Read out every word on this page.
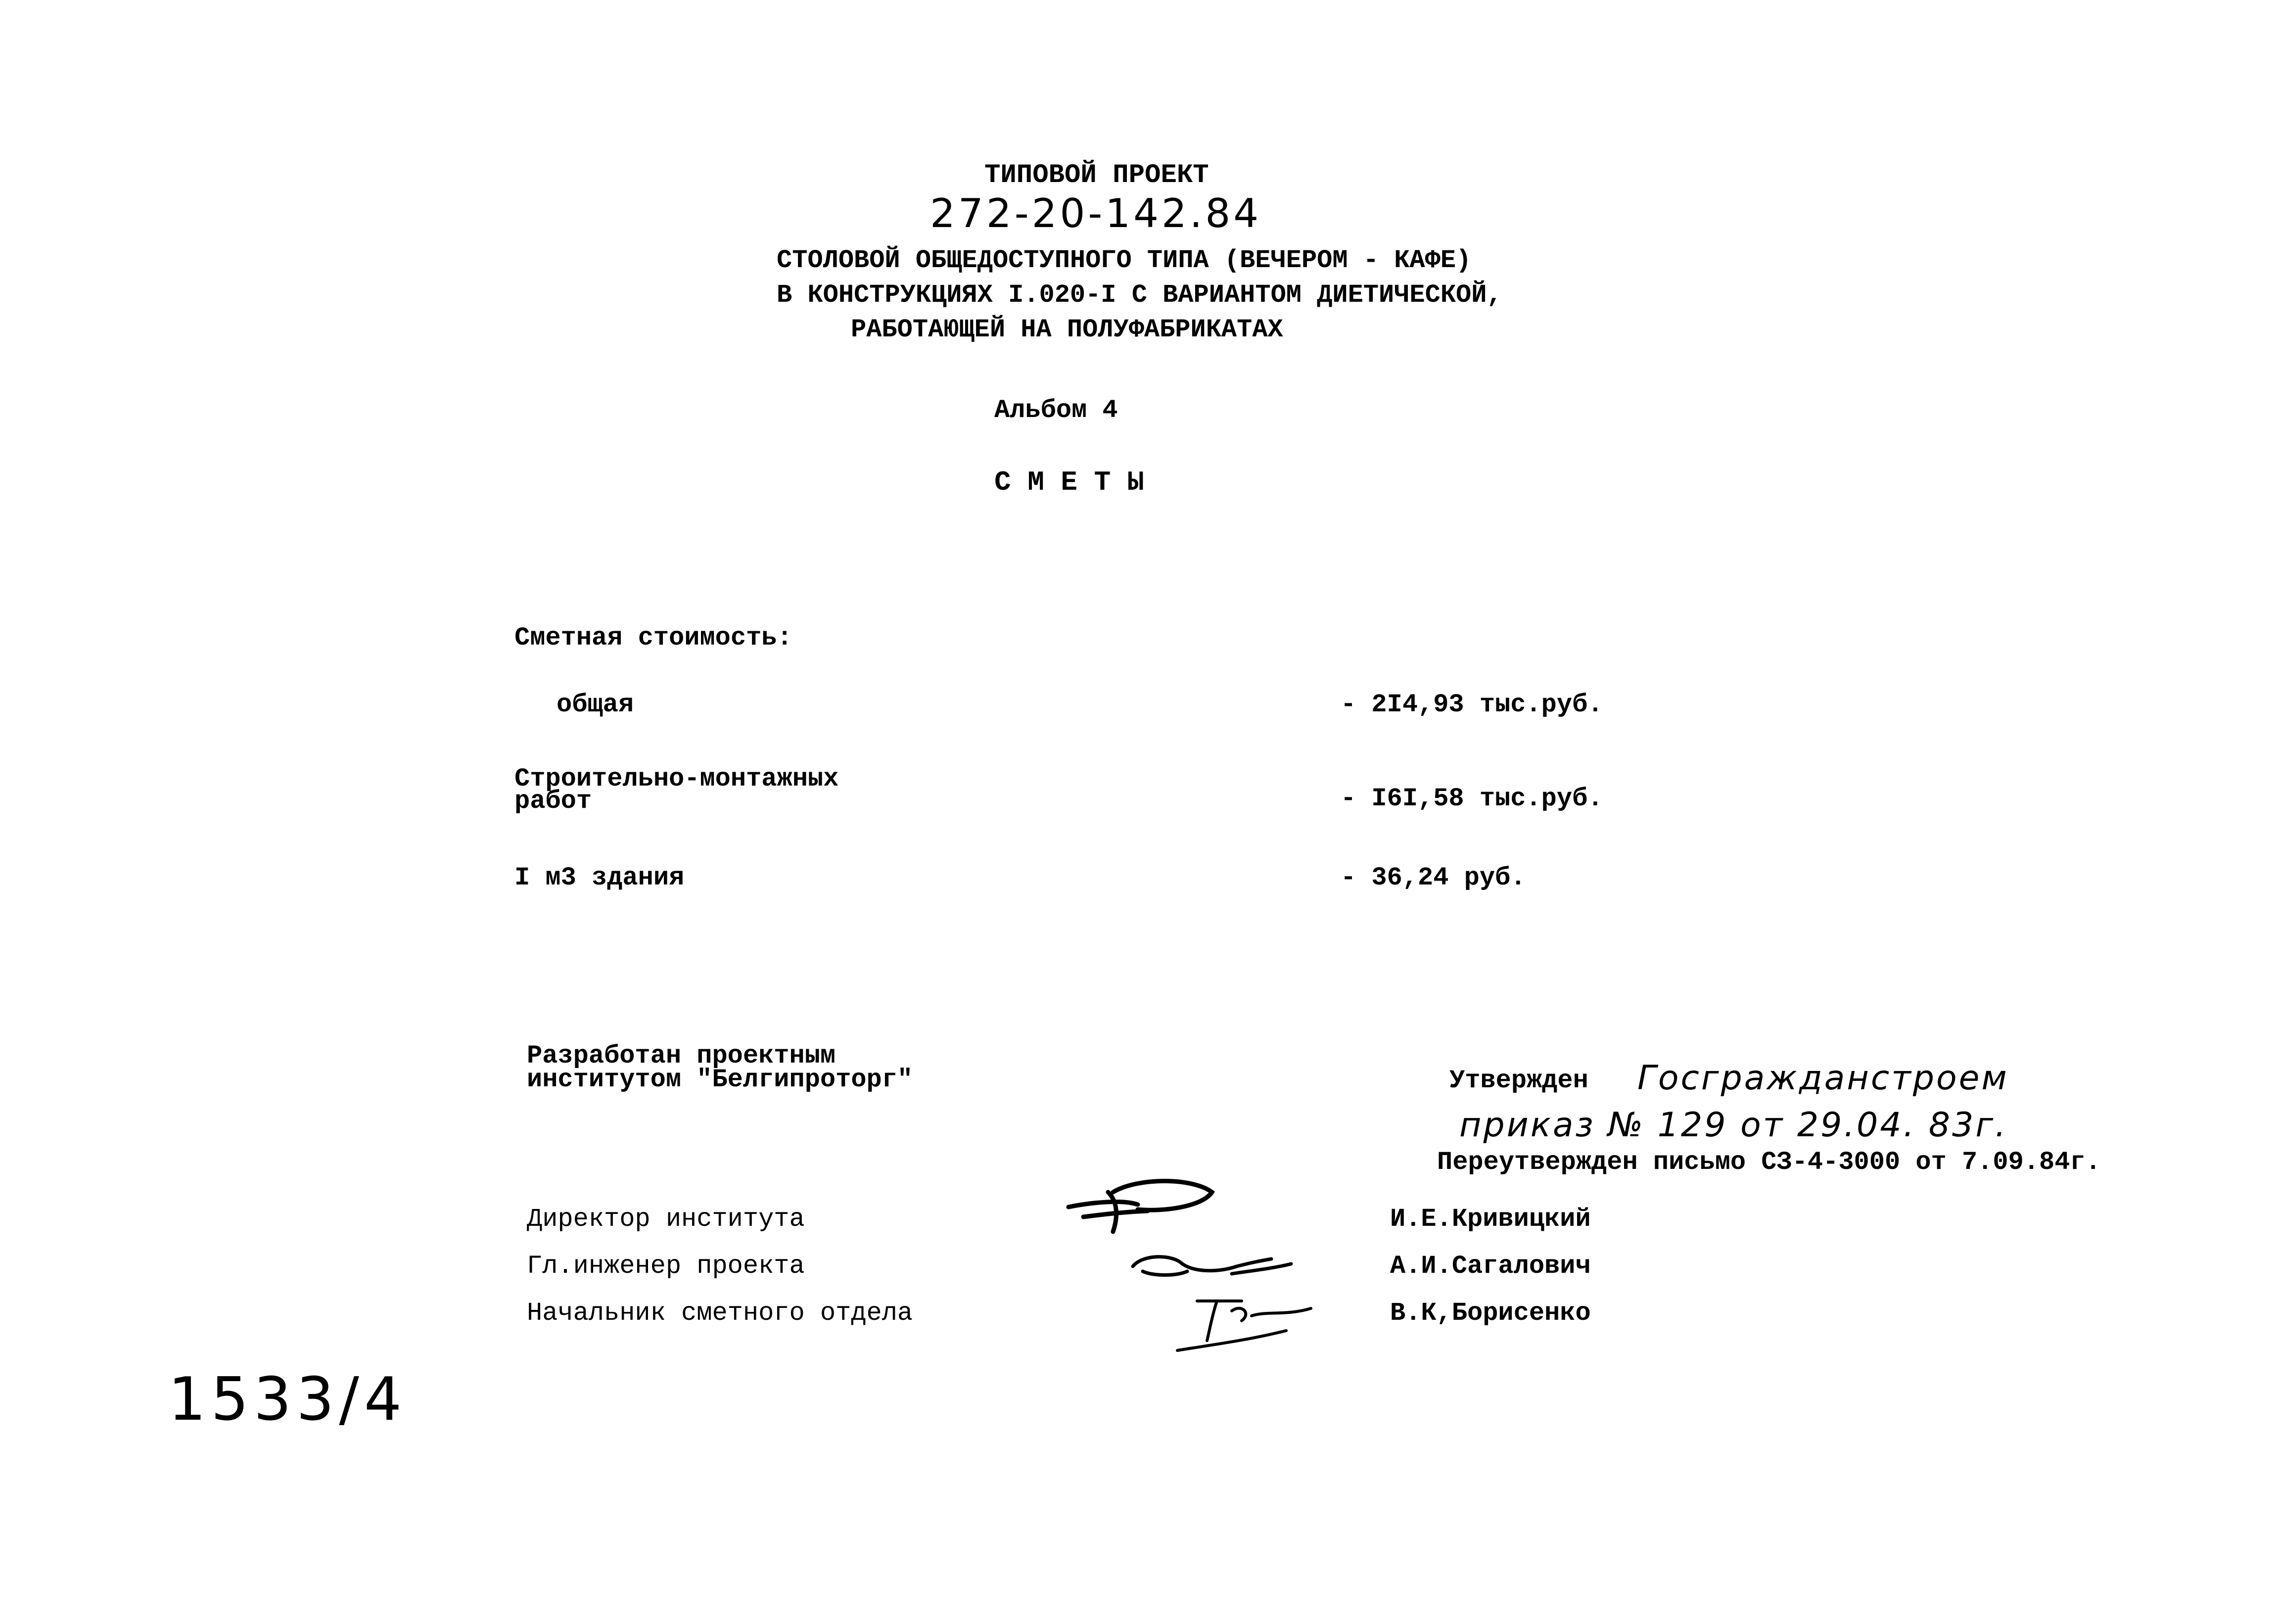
ТИПОВОЙ ПРОЕКТ
272-20-142.84
СТОЛОВОЙ ОБЩЕДОСТУПНОГО ТИПА (ВЕЧЕРОМ - КАФЕ)
В КОНСТРУКЦИЯХ I.020-I С ВАРИАНТОМ ДИЕТИЧЕСКОЙ,
РАБОТАЮЩЕЙ НА ПОЛУФАБРИКАТАХ
Альбом 4
С М Е Т Ы
Сметная стоимость:
общая	- 2I4,93 тыс.руб.
Строительно-монтажных
работ	- I6I,58 тыс.руб.
I м3 здания	- 36,24 руб.
Разработан проектным
институтом "Белгипроторг"	Утвержден Госгражданстроем
приказ № 129 от 29.04. 83г.
Переутвержден письмо СЗ-4-3000 от 7.09.84г.
Директор института	И.Е.Кривицкий
Гл.инженер проекта	А.И.Сагалович
Начальник сметного отдела	В.К,Борисенко
1533/4
